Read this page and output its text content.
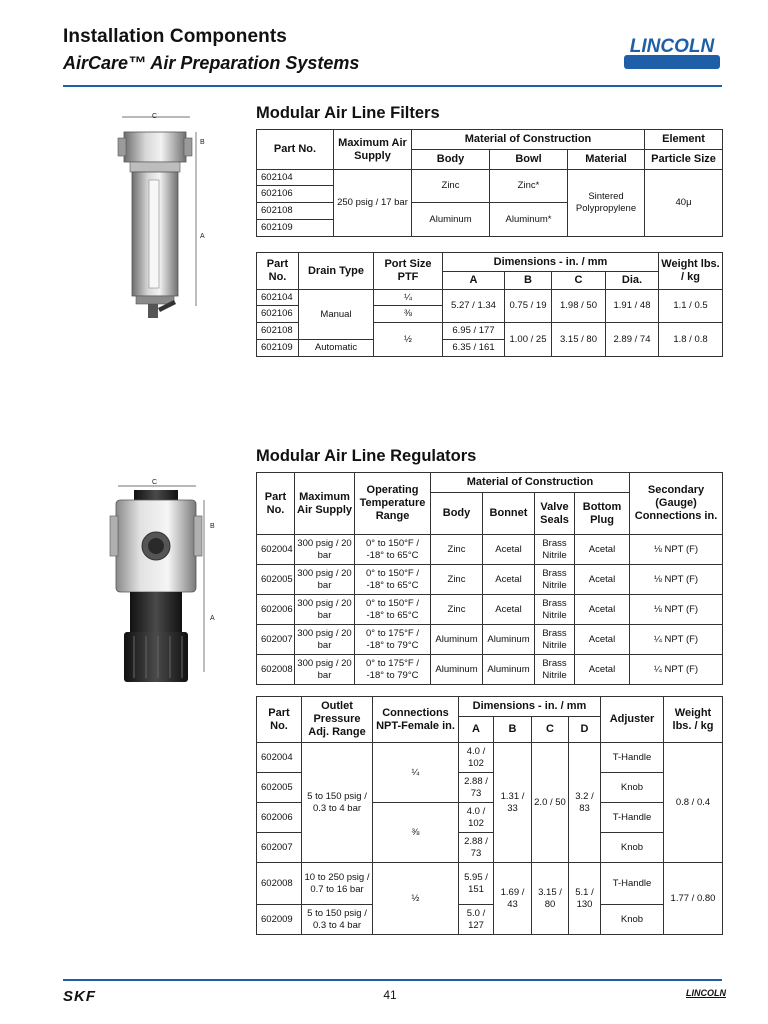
Installation Components
AirCare™ Air Preparation Systems
LINCOLN
Modular Air Line Filters
C
B
A
Part No.	Maximum Air Supply	Material of Construction			Element
		Body	Bowl	Material	Particle Size
602104	250 psig / 17 bar	Zinc	Zinc*	Sintered Polypropylene	40μ
602106					
602108		Aluminum	Aluminum*		
602109					
Part No.	Drain Type	Port Size PTF	Dimensions - in. / mm				Weight lbs. / kg
			A	B	C	Dia.	
602104	Manual	¼	5.27 / 1.34	0.75 / 19	1.98 / 50	1.91 / 48	1.1 / 0.5
602106		⅜					
602108		½	6.95 / 177	1.00 / 25	3.15 / 80	2.89 / 74	1.8 / 0.8
602109	Automatic		6.35 / 161				
Modular Air Line Regulators
C
B
A
Part No.	Maximum Air Supply	Operating Temperature Range	Material of Construction				Secondary (Gauge) Connections in.
			Body	Bonnet	Valve Seals	Bottom Plug	
602004	300 psig / 20 bar	0° to 150°F / -18° to 65°C	Zinc	Acetal	Brass Nitrile	Acetal	⅛ NPT (F)
602005	300 psig / 20 bar	0° to 150°F / -18° to 65°C	Zinc	Acetal	Brass Nitrile	Acetal	⅛ NPT (F)
602006	300 psig / 20 bar	0° to 150°F / -18° to 65°C	Zinc	Acetal	Brass Nitrile	Acetal	⅛ NPT (F)
602007	300 psig / 20 bar	0° to 175°F / -18° to 79°C	Aluminum	Aluminum	Brass Nitrile	Acetal	¼ NPT (F)
602008	300 psig / 20 bar	0° to 175°F / -18° to 79°C	Aluminum	Aluminum	Brass Nitrile	Acetal	¼ NPT (F)
Part No.	Outlet Pressure Adj. Range	Connections NPT-Female in.	Dimensions - in. / mm				Adjuster	Weight lbs. / kg
			A	B	C	D		
602004	5 to 150 psig / 0.3 to 4 bar	¼	4.0 / 102	1.31 / 33	2.0 / 50	3.2 / 83	T-Handle	0.8 / 0.4
602005			2.88 / 73				Knob	
602006		⅜	4.0 / 102				T-Handle	
602007			2.88 / 73				Knob	
602008	10 to 250 psig / 0.7 to 16 bar	½	5.95 / 151	1.69 / 43	3.15 / 80	5.1 / 130	T-Handle	1.77 / 0.80
602009	5 to 150 psig / 0.3 to 4 bar		5.0 / 127				Knob	
SKF	41	LINCOLN
